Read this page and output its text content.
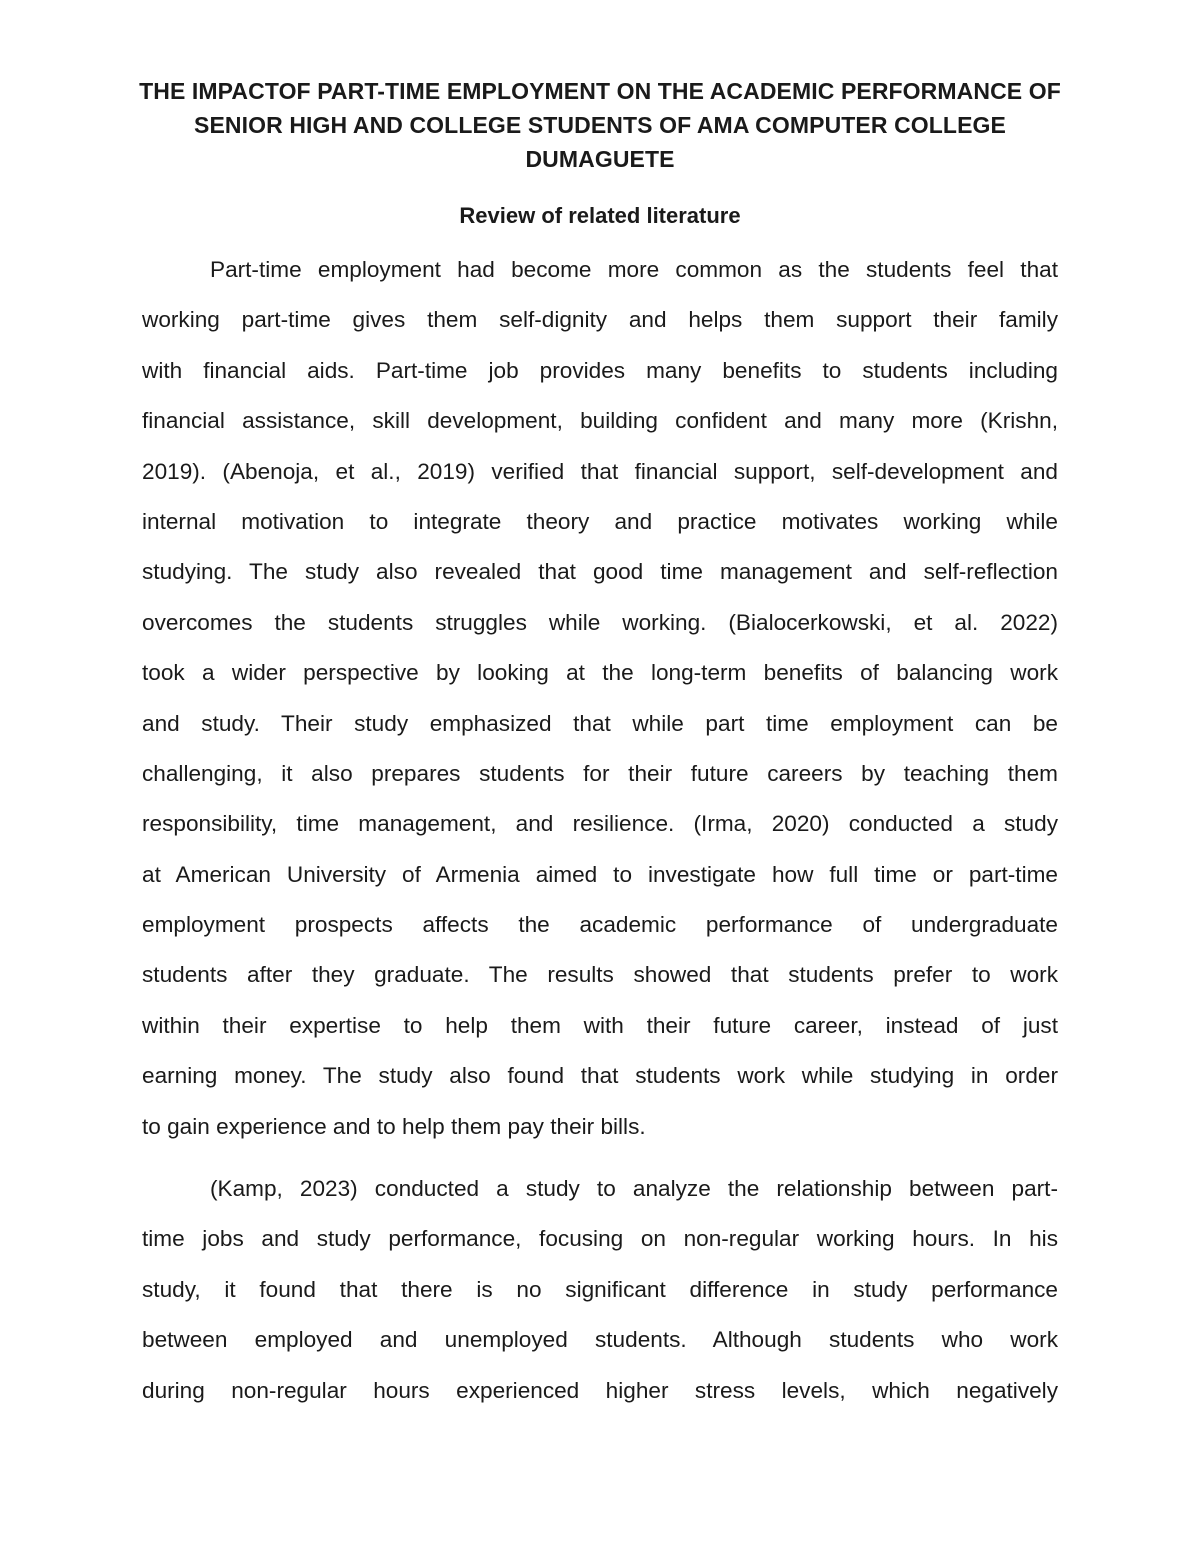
THE IMPACTOF PART-TIME EMPLOYMENT ON THE ACADEMIC PERFORMANCE OF
SENIOR HIGH AND COLLEGE STUDENTS OF AMA COMPUTER COLLEGE
DUMAGUETE
Review of related literature

Part-time employment had become more common as the students feel that
working part-time gives them self-dignity and helps them support their family
with financial aids. Part-time job provides many benefits to students including
financial assistance, skill development, building confident and many more (Krishn,
2019). (Abenoja, et al., 2019) verified that financial support, self-development and
internal motivation to integrate theory and practice motivates working while
studying. The study also revealed that good time management and self-reflection
overcomes the students struggles while working. (Bialocerkowski, et al. 2022)
took a wider perspective by looking at the long-term benefits of balancing work
and study. Their study emphasized that while part time employment can be
challenging, it also prepares students for their future careers by teaching them
responsibility, time management, and resilience. (Irma, 2020) conducted a study
at American University of Armenia aimed to investigate how full time or part-time
employment prospects affects the academic performance of undergraduate
students after they graduate. The results showed that students prefer to work
within their expertise to help them with their future career, instead of just
earning money. The study also found that students work while studying in order
to gain experience and to help them pay their bills.

(Kamp, 2023) conducted a study to analyze the relationship between part-
time jobs and study performance, focusing on non-regular working hours. In his
study, it found that there is no significant difference in study performance
between employed and unemployed students. Although students who work
during non-regular hours experienced higher stress levels, which negatively
